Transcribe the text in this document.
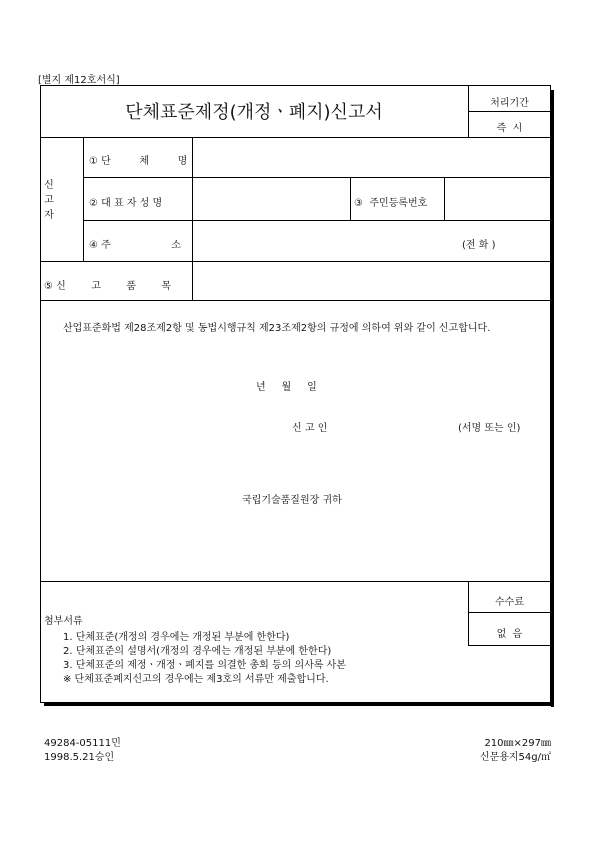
[별지 제12호서식]
단체표준제정(개정ㆍ폐지)신고서	처리기간
즉  시
신
고
자
① 단         체         명
② 대 표 자 성 명	③  주민등록번호
④ 주                   소	(전 화 )
⑤ 신        고        품        목
산업표준화법 제28조제2항 및 동법시행규칙 제23조제2항의 규정에 의하여 위와 같이 신고합니다.
년     월     일
신 고 인	(서명 또는 인)
국립기술품질원장 귀하
수수료
없  음
첨부서류
1. 단체표준(개정의 경우에는 개정된 부분에 한한다)
2. 단체표준의 설명서(개정의 경우에는 개정된 부분에 한한다)
3. 단체표준의 제정ㆍ개정ㆍ폐지를 의결한 총회 등의 의사록 사본
※ 단체표준폐지신고의 경우에는 제3호의 서류만 제출합니다.
49284-05111민
1998.5.21승인
210㎜×297㎜
신문용지54g/㎡
